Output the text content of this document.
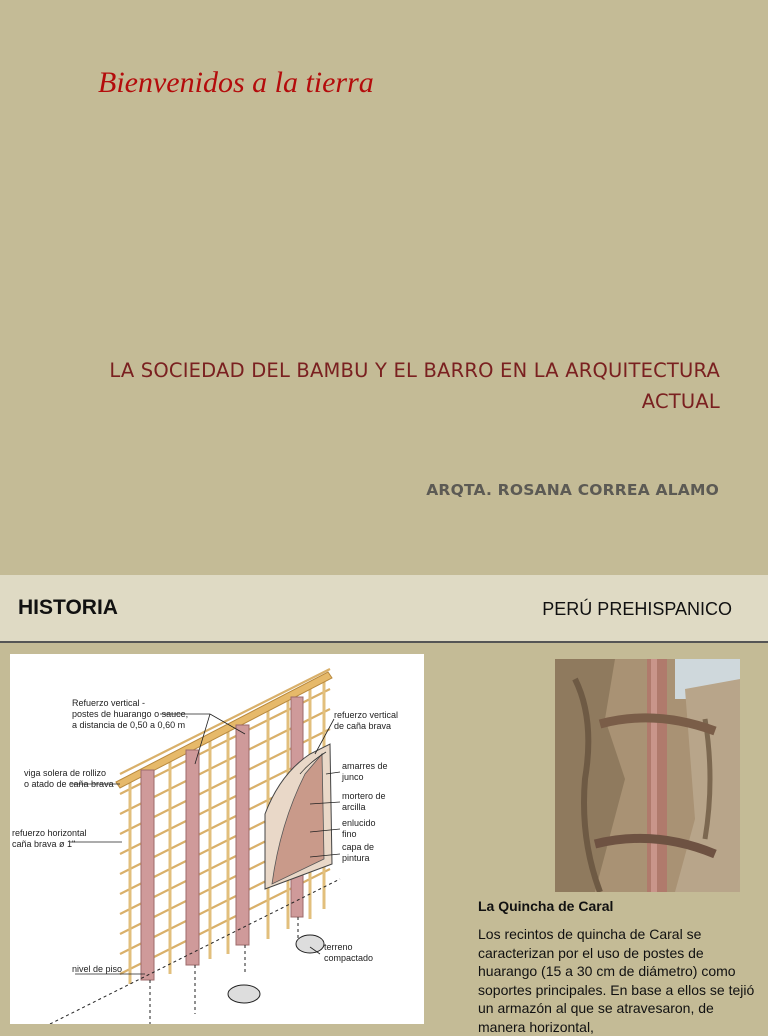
Bienvenidos a la tierra
LA SOCIEDAD DEL BAMBU Y EL BARRO EN LA ARQUITECTURA ACTUAL
ARQTA. ROSANA CORREA ALAMO
HISTORIA	PERÚ PREHISPANICO
Refuerzo vertical -postes de huarango o sauce, a distancia de 0,50 a 0,60 m
viga solera de rollizo o atado de caña brava
refuerzo horizontal caña brava ø 1"
nivel de piso
refuerzo vertical de caña brava
amarres de junco
mortero de arcilla
enlucido fino
capa de pintura
terreno compactado
La Quincha de Caral
Los recintos de quincha de Caral se caracterizan por el uso de postes de huarango (15 a 30 cm de diámetro) como soportes principales. En base a ellos se tejió un armazón al que se atravesaron, de manera horizontal,
